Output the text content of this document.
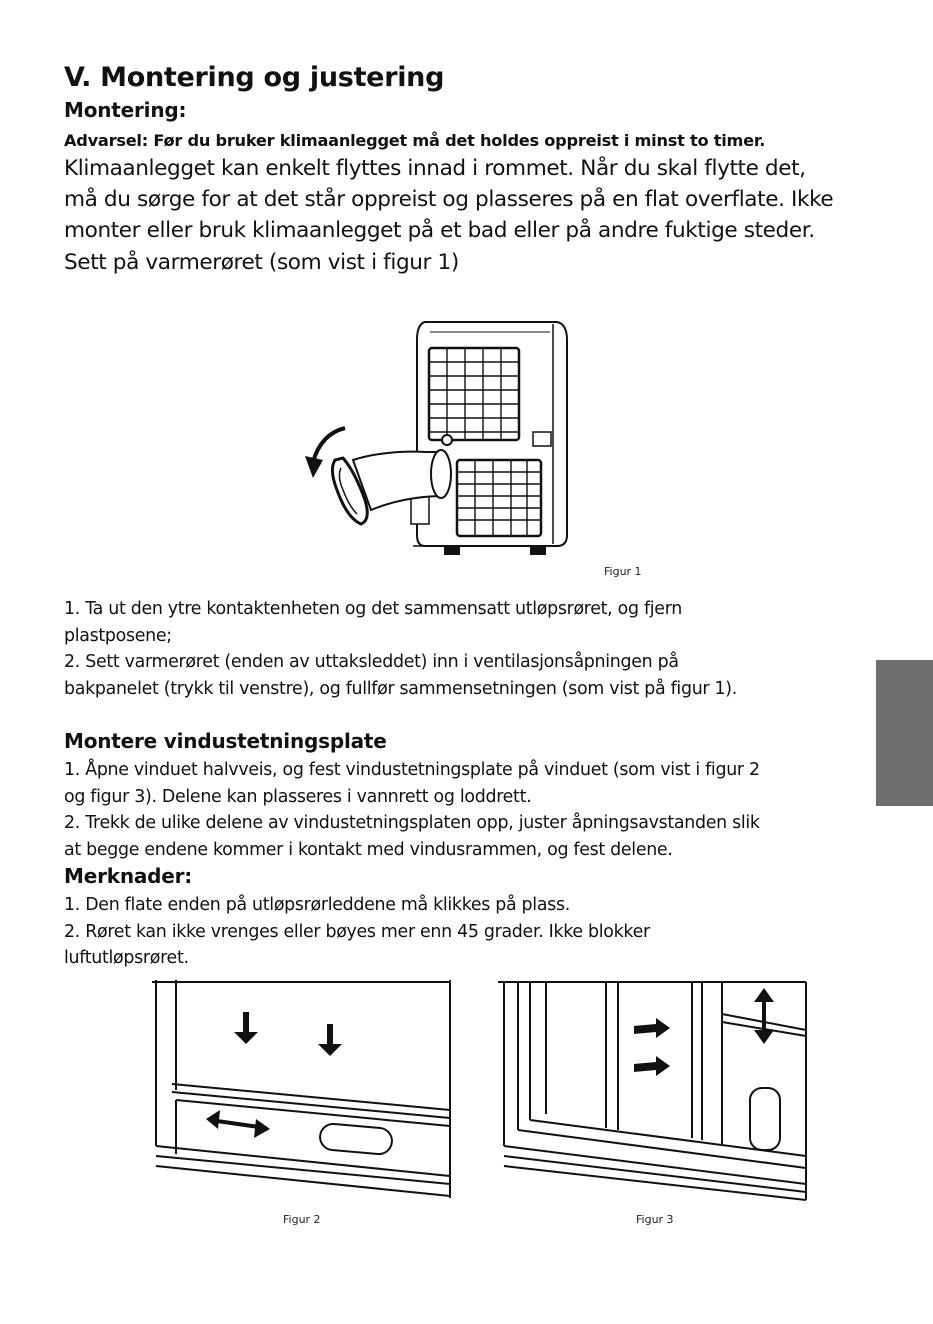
V. Montering og justering
Montering:
Advarsel: Før du bruker klimaanlegget må det holdes oppreist i minst to timer.

Klimaanlegget kan enkelt flyttes innad i rommet. Når du skal flytte det,

må du sørge for at det står oppreist og plasseres på en flat overflate. Ikke

monter eller bruk klimaanlegget på et bad eller på andre fuktige steder.

Sett på varmerøret (som vist i figur 1)

Figur 1

1. Ta ut den ytre kontaktenheten og det sammensatt utløpsrøret, og fjern

plastposene;

2. Sett varmerøret (enden av uttaksleddet) inn i ventilasjonsåpningen på

bakpanelet (trykk til venstre), og fullfør sammensetningen (som vist på figur 1).

Montere vindustetningsplate

1. Åpne vinduet halvveis, og fest vindustetningsplate på vinduet (som vist i figur 2

og figur 3). Delene kan plasseres i vannrett og loddrett.

2. Trekk de ulike delene av vindustetningsplaten opp, juster åpningsavstanden slik

at begge endene kommer i kontakt med vindusrammen, og fest delene.

Merknader:

1. Den flate enden på utløpsrørleddene må klikkes på plass.

2. Røret kan ikke vrenges eller bøyes mer enn 45 grader. Ikke blokker

luftutløpsrøret.

Figur 2	Figur 3
